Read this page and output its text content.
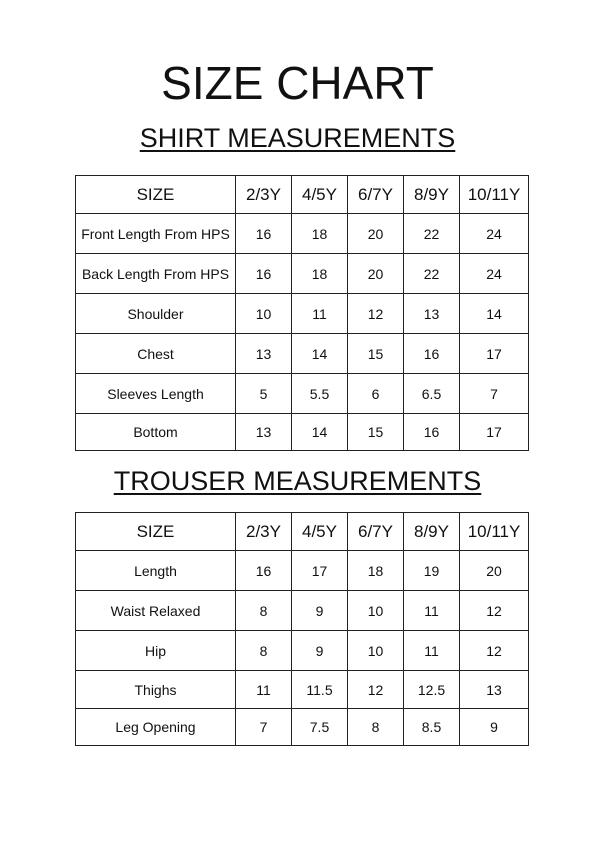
SIZE CHART
SHIRT MEASUREMENTS
SIZE	2/3Y	4/5Y	6/7Y	8/9Y	10/11Y
Front Length From HPS	16	18	20	22	24
Back Length From HPS	16	18	20	22	24
Shoulder	10	11	12	13	14
Chest	13	14	15	16	17
Sleeves Length	5	5.5	6	6.5	7
Bottom	13	14	15	16	17
TROUSER MEASUREMENTS
SIZE	2/3Y	4/5Y	6/7Y	8/9Y	10/11Y
Length	16	17	18	19	20
Waist Relaxed	8	9	10	11	12
Hip	8	9	10	11	12
Thighs	11	11.5	12	12.5	13
Leg Opening	7	7.5	8	8.5	9
